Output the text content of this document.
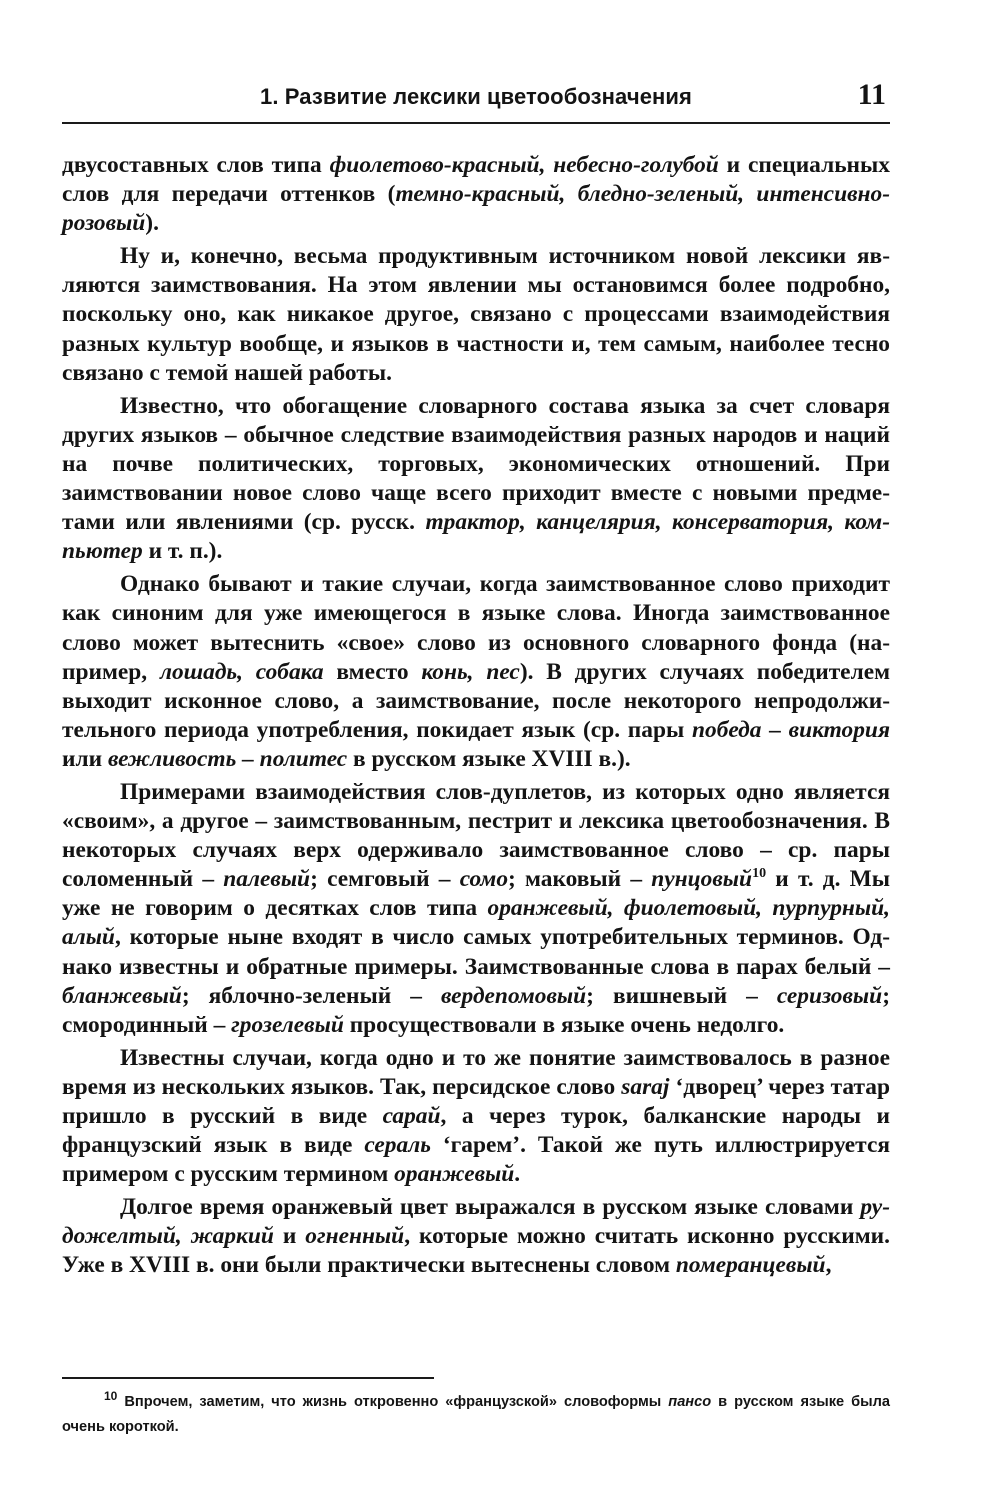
1. Развитие лексики цветообозначения	11

двусоставных слов типа фиолетово-красный, небесно-голубой и специальных слов для передачи оттенков (темно-красный, бледно-зеленый, интенсивно-розовый).

Ну и, конечно, весьма продуктивным источником новой лексики являются заимствования. На этом явлении мы остановимся более подробно, поскольку оно, как никакое другое, связано с процессами взаимодействия разных культур вообще, и языков в частности и, тем самым, наиболее тесно связано с темой нашей работы.

Известно, что обогащение словарного состава языка за счет словаря других языков – обычное следствие взаимодействия разных народов и наций на почве политических, торговых, экономических отношений. При заимствовании новое слово чаще всего приходит вместе с новыми предметами или явлениями (ср. русск. трактор, канцелярия, консерватория, компьютер и т. п.).

Однако бывают и такие случаи, когда заимствованное слово приходит как синоним для уже имеющегося в языке слова. Иногда заимствованное слово может вытеснить «свое» слово из основного словарного фонда (например, лошадь, собака вместо конь, пес). В других случаях победителем выходит исконное слово, а заимствование, после некоторого непродолжительного периода употребления, покидает язык (ср. пары победа – виктория или вежливость – политес в русском языке XVIII в.).

Примерами взаимодействия слов-дуплетов, из которых одно является «своим», а другое – заимствованным, пестрит и лексика цветообозначения. В некоторых случаях верх одерживало заимствованное слово – ср. пары соломенный – палевый; семговый – сомо; маковый – пунцовый$^{10}$ и т. д. Мы уже не говорим о десятках слов типа оранжевый, фиолетовый, пурпурный, алый, которые ныне входят в число самых употребительных терминов. Однако известны и обратные примеры. Заимствованные слова в парах белый – бланжевый; яблочно-зеленый – вердепомовый; вишневый – серизовый; смородинный – грозелевый просуществовали в языке очень недолго.

Известны случаи, когда одно и то же понятие заимствовалось в разное время из нескольких языков. Так, персидское слово saraj ‘дворец’ через татар пришло в русский в виде сарай, а через турок, балканские народы и французский язык в виде сераль ‘гарем’. Такой же путь иллюстрируется примером с русским термином оранжевый.

Долгое время оранжевый цвет выражался в русском языке словами рудожелтый, жаркий и огненный, которые можно считать исконно русскими. Уже в XVIII в. они были практически вытеснены словом померанцевый,

$^{10}$ Впрочем, заметим, что жизнь откровенно «французской» словоформы пансо в русском языке была очень короткой.
